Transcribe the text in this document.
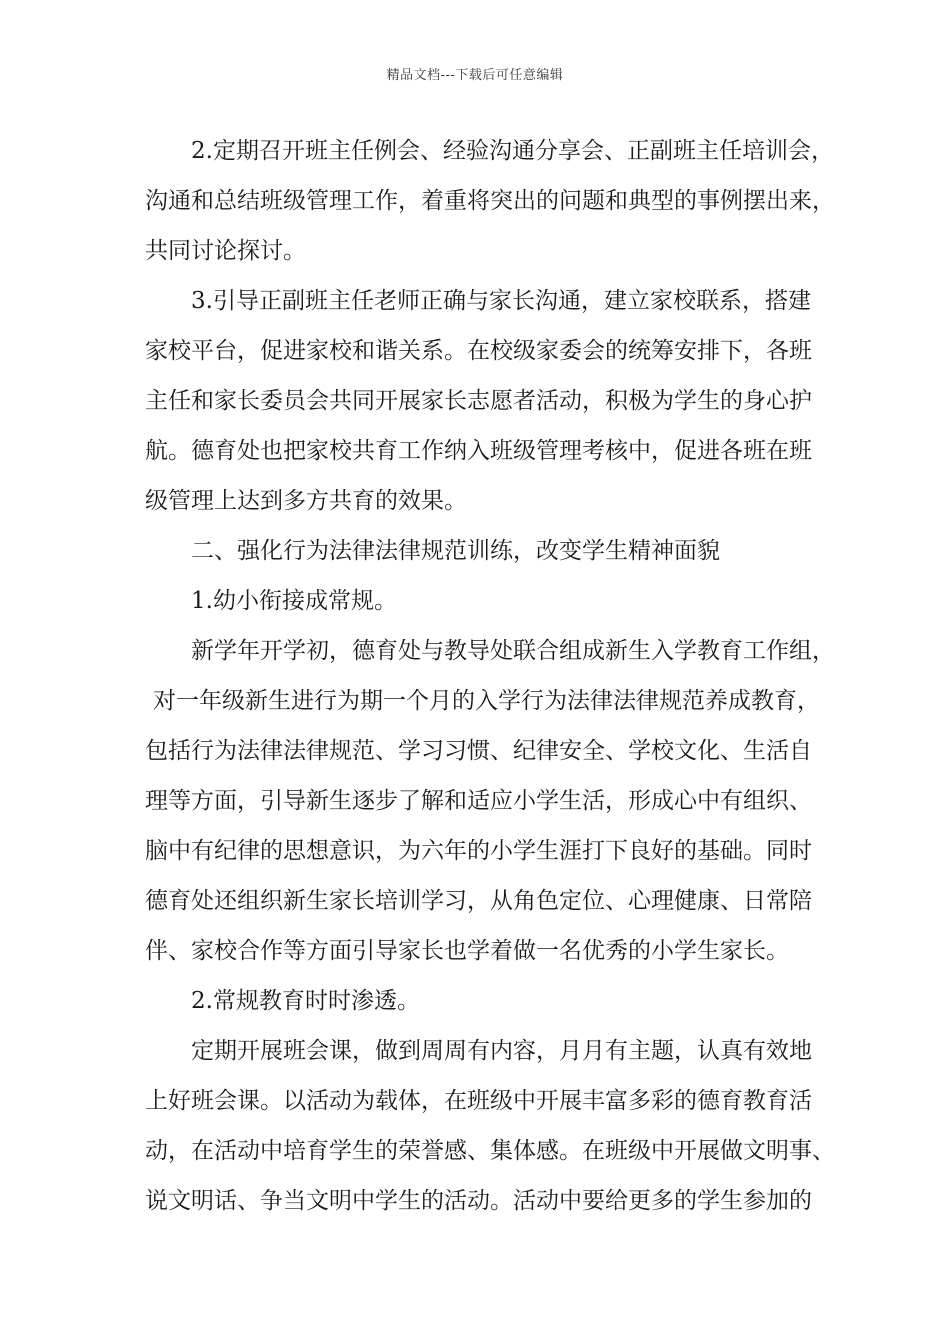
精品文档---下载后可任意编辑
2.定期召开班主任例会、经验沟通分享会、正副班主任培训会，
沟通和总结班级管理工作，着重将突出的问题和典型的事例摆出来，
共同讨论探讨。
3.引导正副班主任老师正确与家长沟通，建立家校联系，搭建
家校平台，促进家校和谐关系。在校级家委会的统筹安排下，各班
主任和家长委员会共同开展家长志愿者活动，积极为学生的身心护
航。德育处也把家校共育工作纳入班级管理考核中，促进各班在班
级管理上达到多方共育的效果。
二、强化行为法律法律规范训练，改变学生精神面貌
1.幼小衔接成常规。
新学年开学初，德育处与教导处联合组成新生入学教育工作组，
对一年级新生进行为期一个月的入学行为法律法律规范养成教育，
包括行为法律法律规范、学习习惯、纪律安全、学校文化、生活自
理等方面，引导新生逐步了解和适应小学生活，形成心中有组织、
脑中有纪律的思想意识，为六年的小学生涯打下良好的基础。同时
德育处还组织新生家长培训学习，从角色定位、心理健康、日常陪
伴、家校合作等方面引导家长也学着做一名优秀的小学生家长。
2.常规教育时时渗透。
定期开展班会课，做到周周有内容，月月有主题，认真有效地
上好班会课。以活动为载体，在班级中开展丰富多彩的德育教育活
动，在活动中培育学生的荣誉感、集体感。在班级中开展做文明事、
说文明话、争当文明中学生的活动。活动中要给更多的学生参加的
